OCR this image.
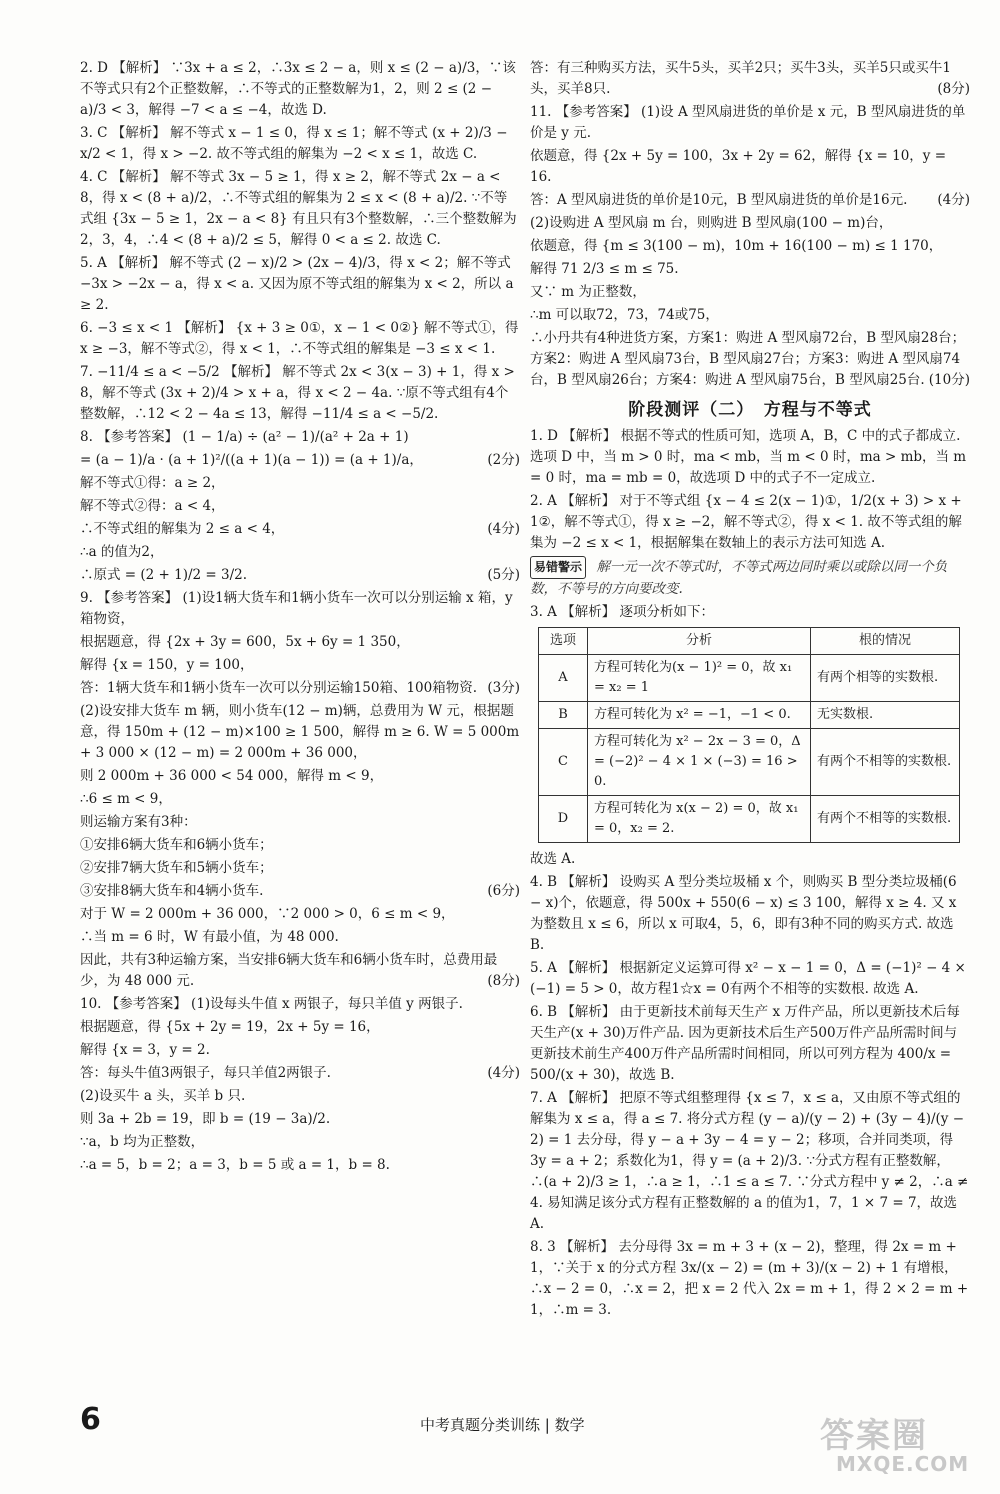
2. D 【解析】 ∵3x + a ≤ 2，∴3x ≤ 2 − a，则 x ≤ (2 − a)/3，∵该不等式只有2个正整数解，∴不等式的正整数解为1，2，则 2 ≤ (2 − a)/3 < 3，解得 −7 < a ≤ −4，故选 D.
3. C 【解析】 解不等式 x − 1 ≤ 0，得 x ≤ 1；解不等式 (x + 2)/3 − x/2 < 1，得 x > −2. 故不等式组的解集为 −2 < x ≤ 1，故选 C.
4. C 【解析】 解不等式 3x − 5 ≥ 1，得 x ≥ 2，解不等式 2x − a < 8，得 x < (8 + a)/2，∴不等式组的解集为 2 ≤ x < (8 + a)/2. ∵不等式组 {3x − 5 ≥ 1，2x − a < 8} 有且只有3个整数解，∴三个整数解为2，3，4，∴4 < (8 + a)/2 ≤ 5，解得 0 < a ≤ 2. 故选 C.
5. A 【解析】 解不等式 (2 − x)/2 > (2x − 4)/3，得 x < 2；解不等式 −3x > −2x − a，得 x < a. 又因为原不等式组的解集为 x < 2，所以 a ≥ 2.
6. −3 ≤ x < 1 【解析】 {x + 3 ≥ 0①，x − 1 < 0②} 解不等式①，得 x ≥ −3，解不等式②，得 x < 1，∴不等式组的解集是 −3 ≤ x < 1.
7. −11/4 ≤ a < −5/2 【解析】 解不等式 2x < 3(x − 3) + 1，得 x > 8，解不等式 (3x + 2)/4 > x + a，得 x < 2 − 4a. ∵原不等式组有4个整数解，∴12 < 2 − 4a ≤ 13，解得 −11/4 ≤ a < −5/2.
8. 【参考答案】 (1 − 1/a) ÷ (a² − 1)/(a² + 2a + 1)
= (a − 1)/a · (a + 1)²/((a + 1)(a − 1)) = (a + 1)/a，	(2分)
解不等式①得：a ≥ 2，
解不等式②得：a < 4，
∴不等式组的解集为 2 ≤ a < 4，	(4分)
∴a 的值为2，
∴原式 = (2 + 1)/2 = 3/2.	(5分)
9. 【参考答案】 (1)设1辆大货车和1辆小货车一次可以分别运输 x 箱，y 箱物资，
根据题意，得 {2x + 3y = 600，5x + 6y = 1 350，
解得 {x = 150，y = 100，
答：1辆大货车和1辆小货车一次可以分别运输150箱、100箱物资. (3分)
(2)设安排大货车 m 辆，则小货车(12 − m)辆，总费用为 W 元，根据题意，得 150m + (12 − m)×100 ≥ 1 500，解得 m ≥ 6. W = 5 000m + 3 000 × (12 − m) = 2 000m + 36 000，
则 2 000m + 36 000 < 54 000，解得 m < 9，
∴6 ≤ m < 9，
则运输方案有3种：
①安排6辆大货车和6辆小货车；
②安排7辆大货车和5辆小货车；
③安排8辆大货车和4辆小货车.	(6分)
对于 W = 2 000m + 36 000，∵2 000 > 0，6 ≤ m < 9，
∴当 m = 6 时，W 有最小值，为 48 000.
因此，共有3种运输方案，当安排6辆大货车和6辆小货车时，总费用最少，为 48 000 元.	(8分)
10. 【参考答案】 (1)设每头牛值 x 两银子，每只羊值 y 两银子.
根据题意，得 {5x + 2y = 19，2x + 5y = 16，
解得 {x = 3，y = 2.
答：每头牛值3两银子，每只羊值2两银子.	(4分)
(2)设买牛 a 头，买羊 b 只.
则 3a + 2b = 19，即 b = (19 − 3a)/2.
∵a，b 均为正整数，
∴a = 5，b = 2；a = 3，b = 5 或 a = 1，b = 8.
答：有三种购买方法，买牛5头，买羊2只；买牛3头，买羊5只或买牛1头，买羊8只.	(8分)
11. 【参考答案】 (1)设 A 型风扇进货的单价是 x 元，B 型风扇进货的单价是 y 元.
依题意，得 {2x + 5y = 100，3x + 2y = 62，解得 {x = 10，y = 16.
答：A 型风扇进货的单价是10元，B 型风扇进货的单价是16元. (4分)
(2)设购进 A 型风扇 m 台，则购进 B 型风扇(100 − m)台，
依题意，得 {m ≤ 3(100 − m)，10m + 16(100 − m) ≤ 1 170，
解得 71 2/3 ≤ m ≤ 75.
又∵ m 为正整数，
∴m 可以取72，73，74或75，
∴小丹共有4种进货方案，方案1：购进 A 型风扇72台，B 型风扇28台；方案2：购进 A 型风扇73台，B 型风扇27台；方案3：购进 A 型风扇74台，B 型风扇26台；方案4：购进 A 型风扇75台，B 型风扇25台. (10分)
阶段测评（二）　方程与不等式
1. D 【解析】 根据不等式的性质可知，选项 A，B，C 中的式子都成立. 选项 D 中，当 m > 0 时，ma < mb，当 m < 0 时，ma > mb，当 m = 0 时，ma = mb = 0，故选项 D 中的式子不一定成立.
2. A 【解析】 对于不等式组 {x − 4 ≤ 2(x − 1)①，1/2(x + 3) > x + 1②，解不等式①，得 x ≥ −2，解不等式②，得 x < 1. 故不等式组的解集为 −2 ≤ x < 1，根据解集在数轴上的表示方法可知选 A.
易错警示 解一元一次不等式时，不等式两边同时乘以或除以同一个负数，不等号的方向要改变.
3. A 【解析】 逐项分析如下：
选项	分析	根的情况
A	方程可转化为(x − 1)² = 0，故 x₁ = x₂ = 1	有两个相等的实数根.
B	方程可转化为 x² = −1，−1 < 0.	无实数根.
C	方程可转化为 x² − 2x − 3 = 0，Δ = (−2)² − 4 × 1 × (−3) = 16 > 0.	有两个不相等的实数根.
D	方程可转化为 x(x − 2) = 0，故 x₁ = 0，x₂ = 2.	有两个不相等的实数根.
故选 A.
4. B 【解析】 设购买 A 型分类垃圾桶 x 个，则购买 B 型分类垃圾桶(6 − x)个，依题意，得 500x + 550(6 − x) ≤ 3 100，解得 x ≥ 4. 又 x 为整数且 x ≤ 6，所以 x 可取4，5，6，即有3种不同的购买方式. 故选 B.
5. A 【解析】 根据新定义运算可得 x² − x − 1 = 0，Δ = (−1)² − 4 × (−1) = 5 > 0，故方程1☆x = 0有两个不相等的实数根. 故选 A.
6. B 【解析】 由于更新技术前每天生产 x 万件产品，所以更新技术后每天生产(x + 30)万件产品. 因为更新技术后生产500万件产品所需时间与更新技术前生产400万件产品所需时间相同，所以可列方程为 400/x = 500/(x + 30)，故选 B.
7. A 【解析】 把原不等式组整理得 {x ≤ 7，x ≤ a，又由原不等式组的解集为 x ≤ a，得 a ≤ 7. 将分式方程 (y − a)/(y − 2) + (3y − 4)/(y − 2) = 1 去分母，得 y − a + 3y − 4 = y − 2；移项，合并同类项，得 3y = a + 2；系数化为1，得 y = (a + 2)/3. ∵分式方程有正整数解，∴(a + 2)/3 ≥ 1，∴a ≥ 1，∴1 ≤ a ≤ 7. ∵分式方程中 y ≠ 2，∴a ≠ 4. 易知满足该分式方程有正整数解的 a 的值为1，7，1 × 7 = 7，故选 A.
8. 3 【解析】 去分母得 3x = m + 3 + (x − 2)，整理，得 2x = m + 1，∵关于 x 的分式方程 3x/(x − 2) = (m + 3)/(x − 2) + 1 有增根，∴x − 2 = 0，∴x = 2，把 x = 2 代入 2x = m + 1，得 2 × 2 = m + 1，∴m = 3.
6	中考真题分类训练 | 数学	答案圈
MXQE.COM
